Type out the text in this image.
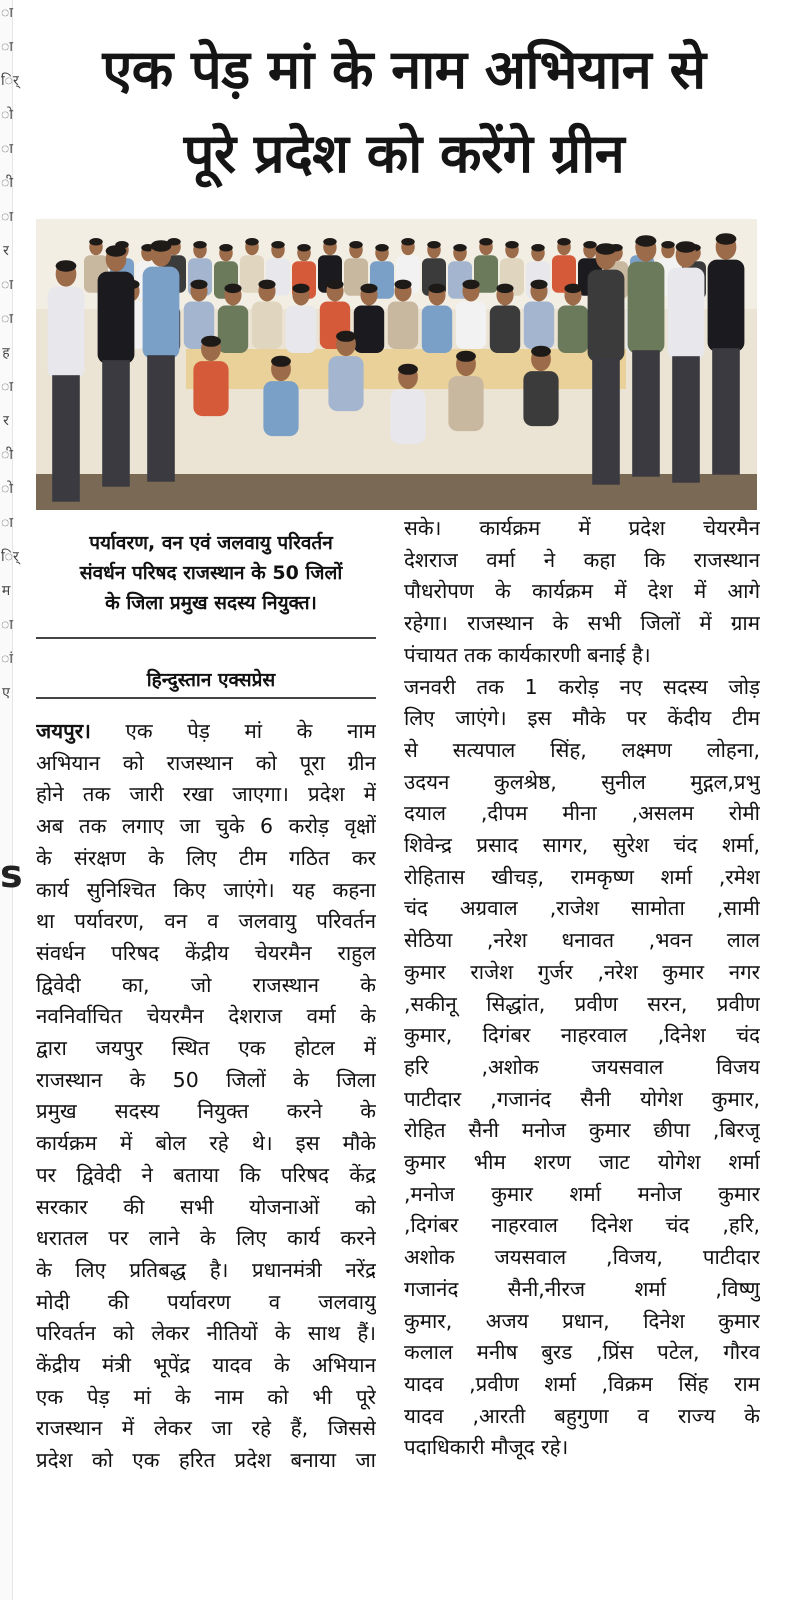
ा
ा
र्ि
ो
ा
ी
ा
र
ा
ा
ह
ा
र
ी
ो
ा
र्ि
म
ा
ां
ए
s
एक पेड़ मां के नाम अभियान से
पूरे प्रदेश को करेंगे ग्रीन
पर्यावरण, वन एवं जलवायु परिवर्तन
संवर्धन परिषद राजस्थान के 50 जिलों
के जिला प्रमुख सदस्य नियुक्त।
हिन्दुस्तान एक्सप्रेस
जयपुर। एक पेड़ मां के नाम
अभियान को राजस्थान को पूरा ग्रीन
होने तक जारी रखा जाएगा। प्रदेश में
अब तक लगाए जा चुके 6 करोड़ वृक्षों
के संरक्षण के लिए टीम गठित कर
कार्य सुनिश्चित किए जाएंगे। यह कहना
था पर्यावरण, वन व जलवायु परिवर्तन
संवर्धन परिषद केंद्रीय चेयरमैन राहुल
द्विवेदी का, जो राजस्थान के
नवनिर्वाचित चेयरमैन देशराज वर्मा के
द्वारा जयपुर स्थित एक होटल में
राजस्थान के 50 जिलों के जिला
प्रमुख सदस्य नियुक्त करने के
कार्यक्रम में बोल रहे थे। इस मौके
पर द्विवेदी ने बताया कि परिषद केंद्र
सरकार की सभी योजनाओं को
धरातल पर लाने के लिए कार्य करने
के लिए प्रतिबद्ध है। प्रधानमंत्री नरेंद्र
मोदी की पर्यावरण व जलवायु
परिवर्तन को लेकर नीतियों के साथ हैं।
केंद्रीय मंत्री भूपेंद्र यादव के अभियान
एक पेड़ मां के नाम को भी पूरे
राजस्थान में लेकर जा रहे हैं, जिससे
प्रदेश को एक हरित प्रदेश बनाया जा
सके। कार्यक्रम में प्रदेश चेयरमैन
देशराज वर्मा ने कहा कि राजस्थान
पौधरोपण के कार्यक्रम में देश में आगे
रहेगा। राजस्थान के सभी जिलों में ग्राम
पंचायत तक कार्यकारणी बनाई है।
जनवरी तक 1 करोड़ नए सदस्य जोड़
लिए जाएंगे। इस मौके पर केंदीय टीम
से सत्यपाल सिंह, लक्ष्मण लोहना,
उदयन कुलश्रेष्ठ, सुनील मुद्गल,प्रभु
दयाल ,दीपम मीना ,असलम रोमी
शिवेन्द्र प्रसाद सागर, सुरेश चंद शर्मा,
रोहितास खीचड़, रामकृष्ण शर्मा ,रमेश
चंद अग्रवाल ,राजेश सामोता ,सामी
सेठिया ,नरेश धनावत ,भवन लाल
कुमार राजेश गुर्जर ,नरेश कुमार नगर
,सकीनू सिद्धांत, प्रवीण सरन, प्रवीण
कुमार, दिगंबर नाहरवाल ,दिनेश चंद
हरि ,अशोक जयसवाल विजय
पाटीदार ,गजानंद सैनी योगेश कुमार,
रोहित सैनी मनोज कुमार छीपा ,बिरजू
कुमार भीम शरण जाट योगेश शर्मा
,मनोज कुमार शर्मा मनोज कुमार
,दिगंबर नाहरवाल दिनेश चंद ,हरि,
अशोक जयसवाल ,विजय, पाटीदार
गजानंद सैनी,नीरज शर्मा ,विष्णु
कुमार, अजय प्रधान, दिनेश कुमार
कलाल मनीष बुरड ,प्रिंस पटेल, गौरव
यादव ,प्रवीण शर्मा ,विक्रम सिंह राम
यादव ,आरती बहुगुणा व राज्य के
पदाधिकारी मौजूद रहे।
